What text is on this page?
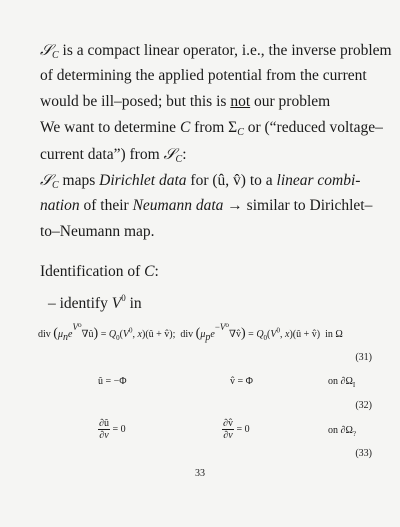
𝒮$_C$ is a compact linear operator, i.e., the inverse problem
of determining the applied potential from the current
would be ill–posed; but this is not our problem
We want to determine C from $\Sigma_C$ or (“reduced voltage–
current data”) from 𝒮$_C$:
𝒮$_C$ maps Dirichlet data for (û, v̂) to a linear combi-
nation of their Neumann data → similar to Dirichlet–
to–Neumann map.
Identification of C:
– identify $V^0$ in
div (μneV⁰∇û) = $Q_0(V^0$, x)(û + v̂);  div (μpe−V⁰∇v̂) = $Q_0(V^0$, x)(û + v̂)  in Ω
(31)
û = −Φ	v̂ = Φ	on $\partial\Omega_I$
(32)
$\frac{\partial û}{\partial\nu} = 0$	$\frac{\partial v̂}{\partial\nu} = 0$	on $\partial\Omega_?$
(33)
33
